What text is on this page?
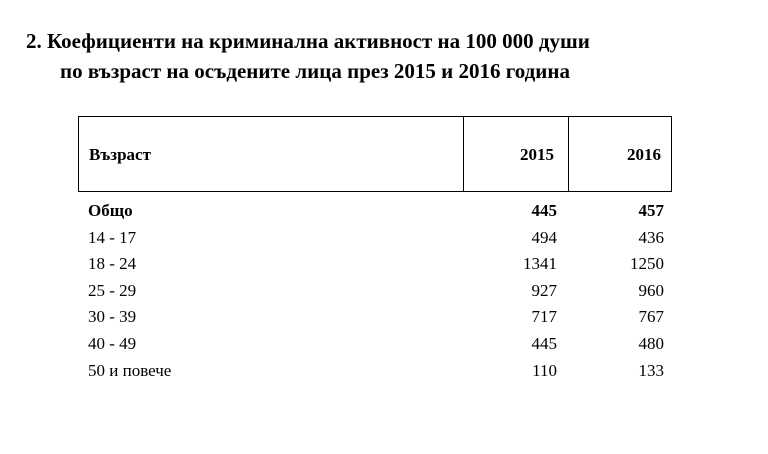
2. Коефициенти на криминална активност на 100 000 души
по възраст на осъдените лица през 2015 и 2016 година
Възраст	2015	2016
Общо	445	457
14 - 17	494	436
18 - 24	1341	1250
25 - 29	927	960
30 - 39	717	767
40 - 49	445	480
50 и повече	110	133
